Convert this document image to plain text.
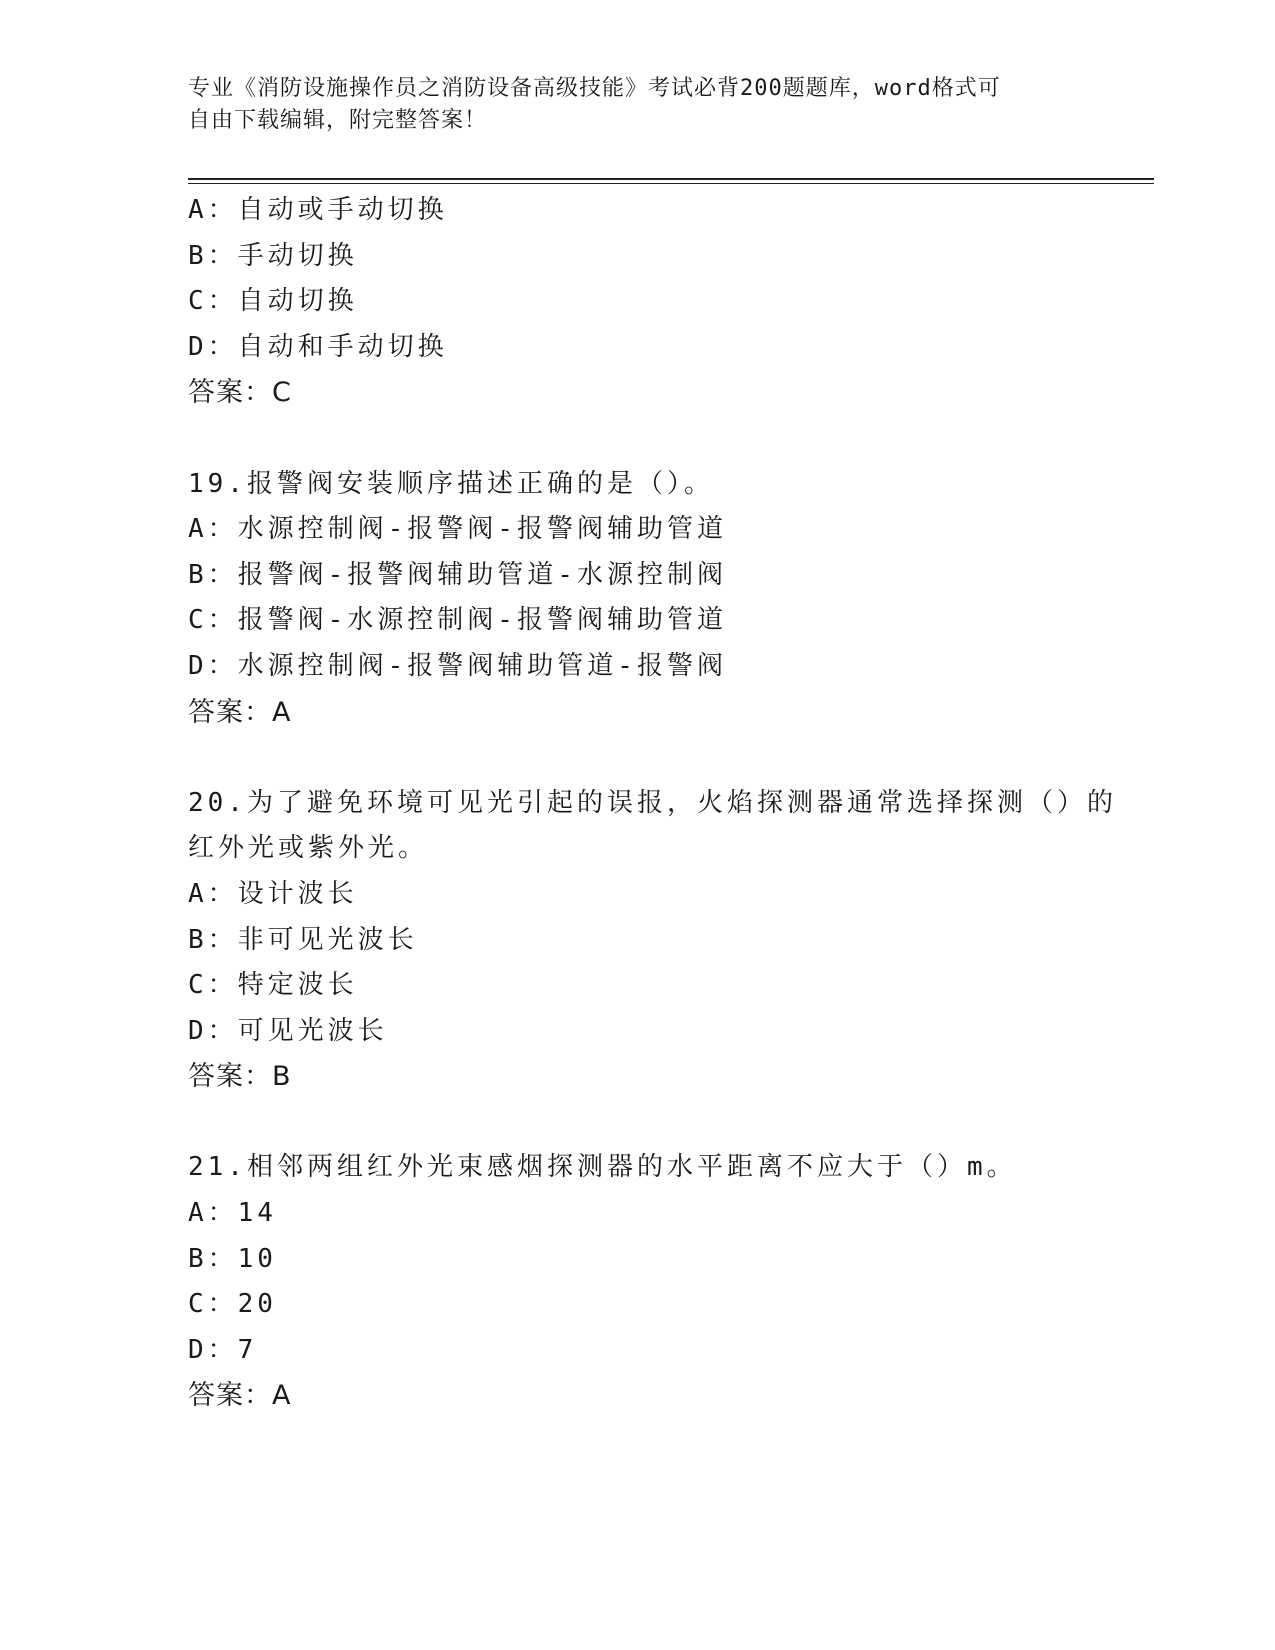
专业《消防设施操作员之消防设备高级技能》考试必背200题题库，word格式可
自由下载编辑，附完整答案！
A：自动或手动切换
B：手动切换
C：自动切换
D：自动和手动切换
答案：C
19.报警阀安装顺序描述正确的是（）。
A：水源控制阀-报警阀-报警阀辅助管道
B：报警阀-报警阀辅助管道-水源控制阀
C：报警阀-水源控制阀-报警阀辅助管道
D：水源控制阀-报警阀辅助管道-报警阀
答案：A
20.为了避免环境可见光引起的误报，火焰探测器通常选择探测（）的
红外光或紫外光。
A：设计波长
B：非可见光波长
C：特定波长
D：可见光波长
答案：B
21.相邻两组红外光束感烟探测器的水平距离不应大于（）m。
A：14
B：10
C：20
D：7
答案：A
